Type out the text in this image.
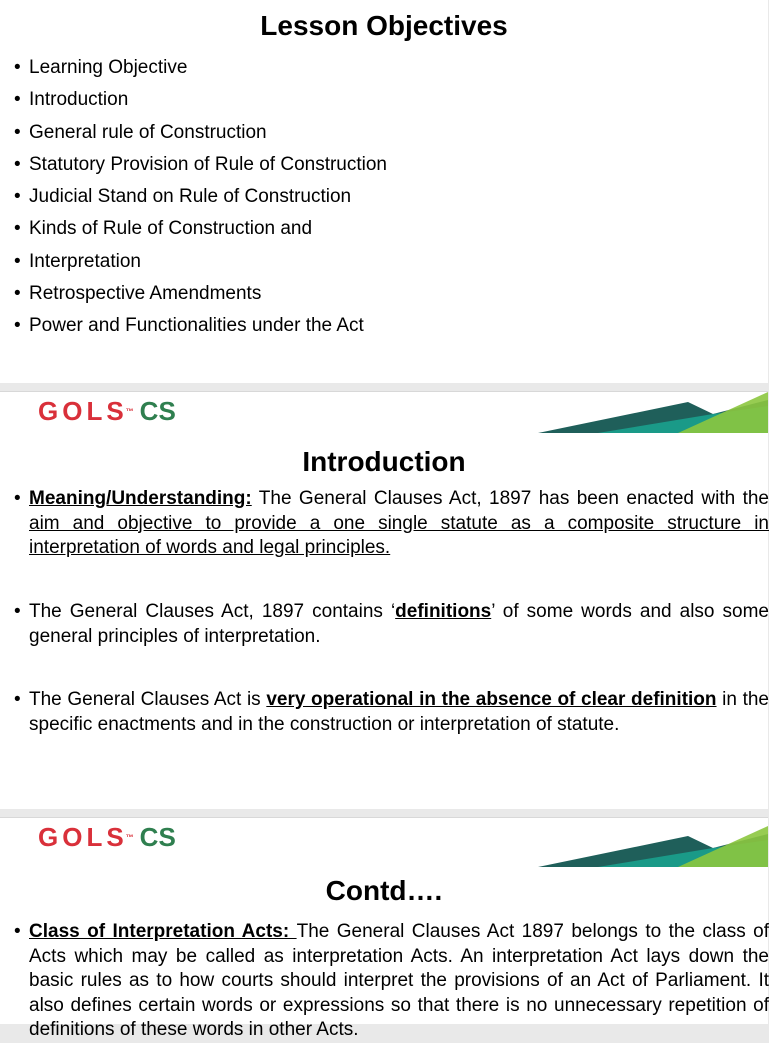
Lesson Objectives
• Learning Objective
• Introduction
• General rule of Construction
• Statutory Provision of Rule of Construction
• Judicial Stand on Rule of Construction
• Kinds of Rule of Construction and
• Interpretation
• Retrospective Amendments
• Power and Functionalities under the Act
GOLS
™ CS
Introduction
• Meaning/Understanding: The General Clauses Act, 1897 has been enacted with the aim and objective to provide a one single statute as a composite structure in interpretation of words and legal principles.
• The General Clauses Act, 1897 contains ‘definitions’ of some words and also some general principles of interpretation.
• The General Clauses Act is very operational in the absence of clear definition in the specific enactments and in the construction or interpretation of statute.
GOLS
™ CS
Contd….
• Class of Interpretation Acts: The General Clauses Act 1897 belongs to the class of Acts which may be called as interpretation Acts. An interpretation Act lays down the basic rules as to how courts should interpret the provisions of an Act of Parliament. It also defines certain words or expressions so that there is no unnecessary repetition of definitions of these words in other Acts.
